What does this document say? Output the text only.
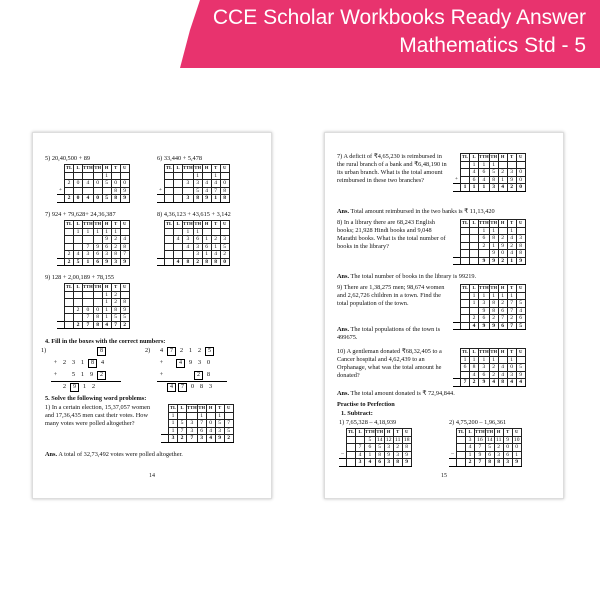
CCE Scholar Workbooks Ready Answer
Mathematics Std - 5
5) 20,40,500 + 89
	TL	L	TTH	TH	H	T	U
					1		
	2	0	4	0	5	0	0
+						8	9
	2	0	4	0	5	8	9
6) 33,440 + 5,478
	TL	L	TTH	TH	H	T	U
				1		1	
			3	3	4	4	0
+				5	4	7	8
			3	8	9	1	8
7) 924 + 79,628+ 24,36,387
	TL	L	TTH	TH	H	T	U
		1	1	1	1	1	
					9	2	4
			7	9	6	2	8
	2	4	3	6	3	8	7
	2	5	1	6	9	3	9
8) 4,36,123 + 43,615 + 3,142
	TL	L	TTH	TH	H	T	U
			1	1			
		4	3	6	1	2	3
			4	3	6	1	5
				3	1	4	2
		4	8	2	8	8	0
9) 128 + 2,00,189 + 78,155
	TL	L	TTH	TH	H	T	U
					1	2	
					1	2	8
		2	0	0	1	8	9
			7	8	1	5	5
		2	7	8	4	7	2
4. Fill in the boxes with the correct numbers:
1)	8
+ 2 3 1 8 4
+ 5 1 9 2
2 9 1 2
2)	4 7 2 1 2 5
+	4 9 3 0
+	2 8
4 7 0 8 3
5. Solve the following word problems:
1) In a certain election, 15,37,057 women and 17,36,435 men cast their votes. How many votes were polled altogether?
	TL	L	TTH	TH	H	T	U
	1			1		1	
	1	5	3	7	0	5	7
	1	7	3	6	4	3	5
	3	2	7	3	4	9	2
Ans. A total of 32,73,492 votes were polled altogether.
14
7) A deficit of ₹4,65,230 is reimbursed in the rural branch of a bank and ₹6,48,190 in its urban branch. What is the total amount reimbursed in these two branches?
	TL	L	TTH	TH	H	T	U
		1	1	1			
		4	6	5	2	3	0
+		6	4	8	1	9	0
	1	1	1	3	4	2	0
Ans. Total amount reimbursed in the two banks is ₹ 11,13,420
8) In a library there are 68,243 English books; 21,928 Hindi books and 9,048 Marathi books. What is the total number of books in the library?
	TL	L	TTH	TH	H	T	U
			1	1		1	
			6	8	2	4	3
			2	1	9	2	8
				9	0	4	8
			9	9	2	1	9
Ans. The total number of books in the library is 99219.
9) There are 1,38,275 men; 98,674 women and 2,62,726 children in a town. Find the total population of the town.
	TL	L	TTH	TH	H	T	U
		1	1	1	1	1	
		1	3	8	2	7	5
			9	8	6	7	4
		2	6	2	7	2	6
		4	9	9	6	7	5
Ans. The total populations of the town is 499675.
10) A gentleman donated ₹68,32,405 to a Cancer hospital and 4,62,439 to an Orphanage, what was the total amount he donated?
	TL	L	TTH	TH	H	T	U
	1	1	1	1		1	
	6	8	3	2	4	0	5
		4	6	2	4	3	9
	7	2	9	4	8	4	4
Ans. The total amount donated is ₹ 72,94,844.
Practise to Perfection
1. Subtract:
1) 7,65,328 – 4,18,939
	TL	L	TTH	TH	H	T	U
			5	14	12	11	18
		7	6	5	3	2	8
–		4	1	8	9	3	9
		3	4	6	3	8	9
2) 4,75,200 – 1,96,361
	TL	L	TTH	TH	H	T	U
		3	16	14	11	9	10
		4	7	5	2	0	0
–		1	9	6	3	6	1
		2	7	8	8	3	9
15
